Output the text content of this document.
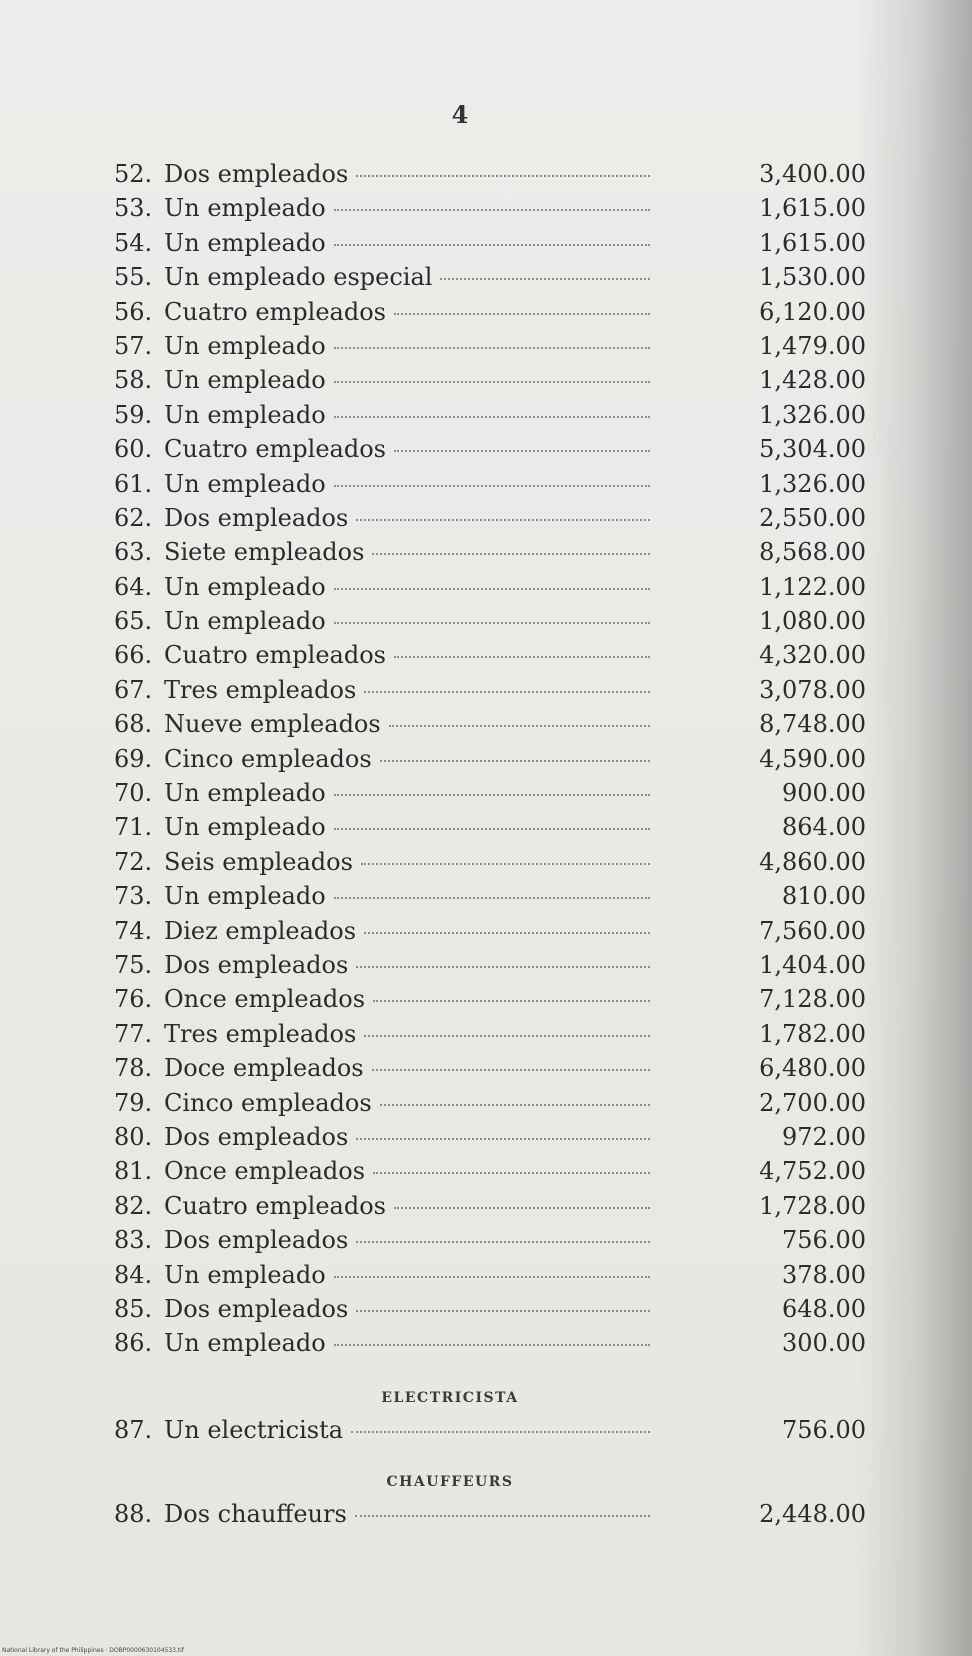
4
52. Dos empleados	3,400.00
53. Un empleado	1,615.00
54. Un empleado	1,615.00
55. Un empleado especial	1,530.00
56. Cuatro empleados	6,120.00
57. Un empleado	1,479.00
58. Un empleado	1,428.00
59. Un empleado	1,326.00
60. Cuatro empleados	5,304.00
61. Un empleado	1,326.00
62. Dos empleados	2,550.00
63. Siete empleados	8,568.00
64. Un empleado	1,122.00
65. Un empleado	1,080.00
66. Cuatro empleados	4,320.00
67. Tres empleados	3,078.00
68. Nueve empleados	8,748.00
69. Cinco empleados	4,590.00
70. Un empleado	900.00
71. Un empleado	864.00
72. Seis empleados	4,860.00
73. Un empleado	810.00
74. Diez empleados	7,560.00
75. Dos empleados	1,404.00
76. Once empleados	7,128.00
77. Tres empleados	1,782.00
78. Doce empleados	6,480.00
79. Cinco empleados	2,700.00
80. Dos empleados	972.00
81. Once empleados	4,752.00
82. Cuatro empleados	1,728.00
83. Dos empleados	756.00
84. Un empleado	378.00
85. Dos empleados	648.00
86. Un empleado	300.00
ELECTRICISTA
87. Un electricista	756.00
CHAUFFEURS
88. Dos chauffeurs	2,448.00
National Library of the Philippines · DOBP0000630104533.tif
